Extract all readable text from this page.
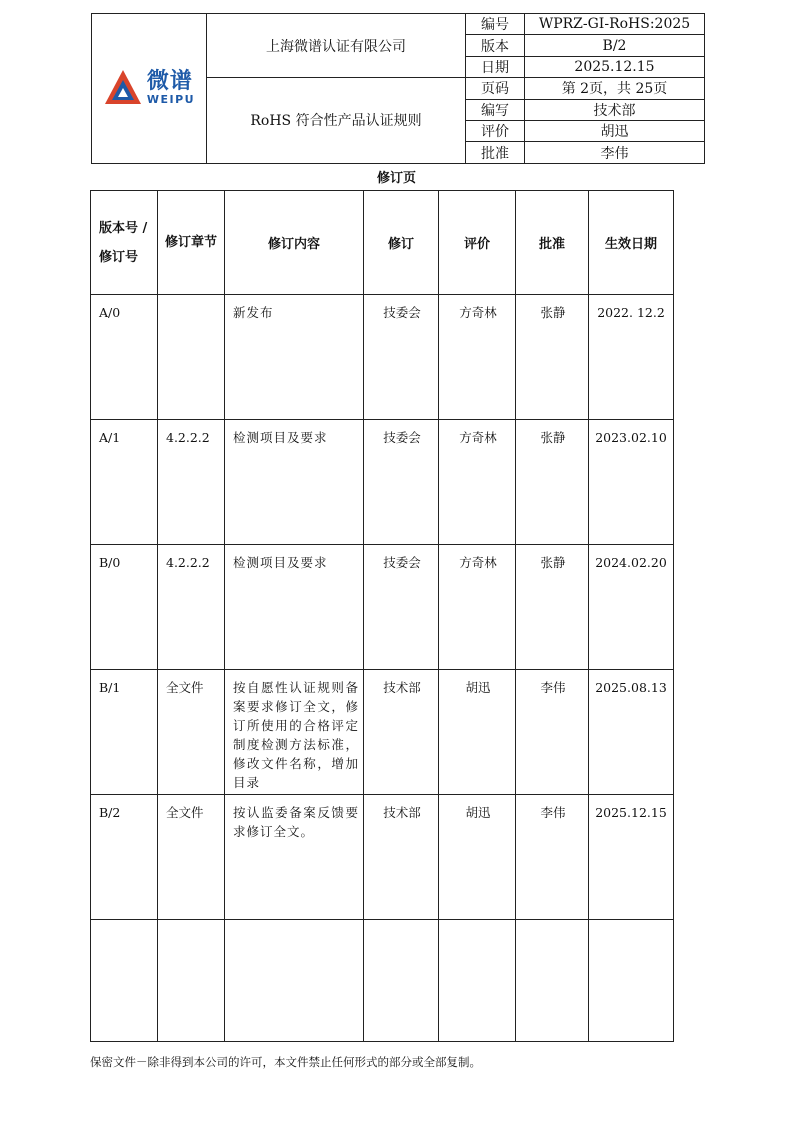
微谱
WEIPU	上海微谱认证有限公司	编号	WPRZ-GI-RoHS:2025
		版本	B/2
		日期	2025.12.15
	RoHS 符合性产品认证规则	页码	第 2页，共 25页
		编写	技术部
		评价	胡迅
		批准	李伟
修订页
版本号 / 修订号	修订章节	修订内容	修订	评价	批准	生效日期
A/0		新发布	技委会	方奇林	张静	2022. 12.2
A/1	4.2.2.2	检测项目及要求	技委会	方奇林	张静	2023.02.10
B/0	4.2.2.2	检测项目及要求	技委会	方奇林	张静	2024.02.20
B/1	全文件	按自愿性认证规则备案要求修订全文，修订所使用的合格评定制度检测方法标准，修改文件名称，增加目录	技术部	胡迅	李伟	2025.08.13
B/2	全文件	按认监委备案反馈要求修订全文。	技术部	胡迅	李伟	2025.12.15

保密文件－除非得到本公司的许可，本文件禁止任何形式的部分或全部复制。
